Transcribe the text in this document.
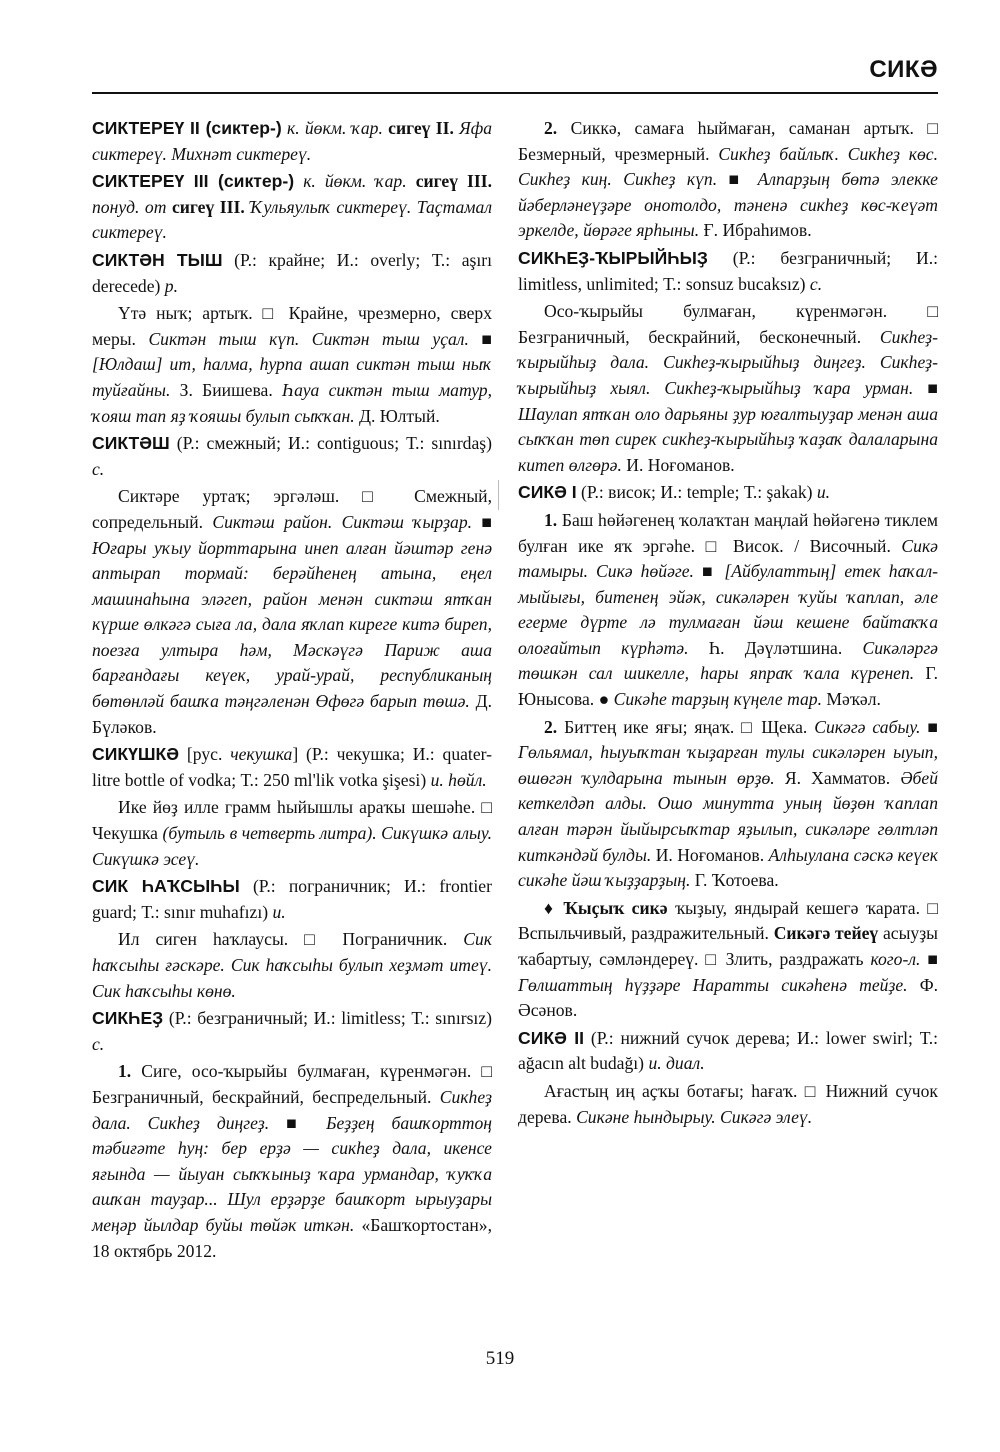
СИКӘ

СИКТЕРЕҮ II (сиктер-) к. йөкм. ҡар. сигеү II. Яфа сиктереү. Михнәт сиктереү.

СИКТЕРЕҮ III (сиктер-) к. йөкм. ҡар. сигеү III. понуд. от сигеү III. Ҡульяулыҡ сиктереү. Таҫтамал сиктереү.

СИКТӘН ТЫШ (Р.: крайне; И.: overly; Т.: aşırı derecede) р.

Үтә ныҡ; артыҡ. □ Крайне, чрезмерно, сверх меры. Сиктән тыш күп. Сиктән тыш уҫал. ■ [Юлдаш] ит, һалма, һурпа ашап сиктән тыш ныҡ туйғайны. З. Биишева. Һауа сиктән тыш матур, ҡояш тап яҙ ҡояшы булып сыҡҡан. Д. Юлтый.

СИКТӘШ (Р.: смежный; И.: contiguous; Т.: sınırdaş) с.

Сиктәре уртаҡ; эргәләш. □ Смежный, сопредельный. Сиктәш район. Сиктәш ҡырҙар. ■ Юғары уҡыу йорттарына инеп алған йәштәр генә аптырап тормай: берәйһенең атына, еңел машинаһына эләгеп, район менән сиктәш ятҡан күрше өлкәгә сыға ла, дала яҡлап киреге китә биреп, поезға ултыра һәм, Мәскәүгә Париж аша барғандағы кеүек, урай-урай, республиканың бөтөнләй башҡа тәңгәленән Өфөгә барып төшә. Д. Бүләков.

СИКҮШКӘ [рус. чекушка] (Р.: чекушка; И.: quater-litre bottle of vodka; Т.: 250 ml'lik votka şişesi) и. һөйл.

Ике йөҙ илле грамм һыйышлы араҡы шешәһе. □ Чекушка (бутыль в четверть литра). Сикүшкә алыу. Сикүшкә эсеү.

СИК ҺАҠСЫҺЫ (Р.: пограничник; И.: frontier guard; Т.: sınır muhafızı) и.

Ил сиген һаҡлаусы. □ Пограничник. Сик һаҡсыһы ғәскәре. Сик һаҡсыһы булып хеҙмәт итеү. Сик һаҡсыһы көнө.

СИКҺЕҘ (Р.: безграничный; И.: limitless; Т.: sınırsız) с.

1. Сиге, осо-ҡырыйы булмаған, күренмәгән. □ Безграничный, бескрайний, беспредельный. Сикһеҙ дала. Сикһеҙ диңгеҙ. ■ Беҙҙең башҡорттоң тәбиғәте һуң: бер ерҙә — сикһеҙ дала, икенсе яғында — йыуан сыҡҡыныҙ ҡара урмандар, ҡуҡҡа ашҡан тауҙар... Шул ерҙәрҙе башҡорт ырыуҙары меңәр йылдар буйы төйәк иткән. «Башҡортостан», 18 октябрь 2012.

2. Сиккә, самаға һыймаған, саманан артыҡ. □ Безмерный, чрезмерный. Сикһеҙ байлыҡ. Сикһеҙ көс. Сикһеҙ киң. Сикһеҙ күп. ■ Алпарҙың бөтә элекке йәберләнеүҙәре онотолдо, тәненә сикһеҙ көс-ҡеүәт эркелде, йөрәге ярһыны. Ғ. Ибраһимов.

СИКҺЕҘ-ҠЫРЫЙҺЫҘ (Р.: безграничный; И.: limitless, unlimited; Т.: sonsuz bucaksız) с.

Осо-ҡырыйы булмаған, күренмәгән. □ Безграничный, бескрайний, бесконечный. Сикһеҙ-ҡырыйһыҙ дала. Сикһеҙ-ҡырыйһыҙ диңгеҙ. Сикһеҙ-ҡырыйһыҙ хыял. Сикһеҙ-ҡырыйһыҙ ҡара урман. ■ Шаулап ятҡан оло дарьяны ҙур юғалтыуҙар менән аша сыҡҡан төп сирек сикһеҙ-ҡырыйһыҙ ҡаҙаҡ далаларына китеп өлгөрә. И. Ноғоманов.

СИКӘ I (Р.: висок; И.: temple; Т.: şakak) и.

1. Баш һөйәгенең ҡолаҡтан маңлай һөйәгенә тиклем булған ике яҡ эргәһе. □ Висок. / Височный. Сикә тамыры. Сикә һөйәге. ■ [Айбулаттың] етек һаҡал-мыйығы, битенең эйәк, сикәләрен ҡуйы ҡаплап, әле егерме дүрте лә тулмаған йәш кешене байтаҡҡа олоғайтып күрһәтә. Һ. Дәүләтшина. Сикәләргә төшкән сал шикелле, һары япраҡ ҡала күренеп. Г. Юнысова. ● Сикәһе тарҙың күңеле тар. Мәҡәл.

2. Биттең ике яғы; яңаҡ. □ Щека. Сикәгә сабыу. ■ Гөльямал, һыуыҡтан ҡыҙарған тулы сикәләрен ыуып, өшөгән ҡулдарына тынын өрҙө. Я. Хамматов. Әбей кеткелдәп алды. Ошо минутта уның йөҙөн ҡаплап алған тәрән йыйырсыҡтар яҙылып, сикәләре гөлтләп киткәндәй булды. И. Ноғоманов. Алһыулана сәскә кеүек сикәһе йәш ҡыҙҙарҙың. Г. Ҡотоева.

♦ Ҡыҫыҡ сикә ҡыҙыу, яндырай кешегә ҡарата. □ Вспыльчивый, раздражительный. Сикәгә тейеү асыуҙы ҡабартыу, сәмләндереү. □ Злить, раздражать кого-л. ■ Гөлшаттың һүҙҙәре Наратты сикәһенә тейҙе. Ф. Әсәнов.

СИКӘ II (Р.: нижний сучок дерева; И.: lower swirl; Т.: ağacın alt budağı) и. диал.

Ағастың иң аҫҡы ботағы; һағаҡ. □ Нижний сучок дерева. Сикәне һындырыу. Сикәгә элеү.

519
